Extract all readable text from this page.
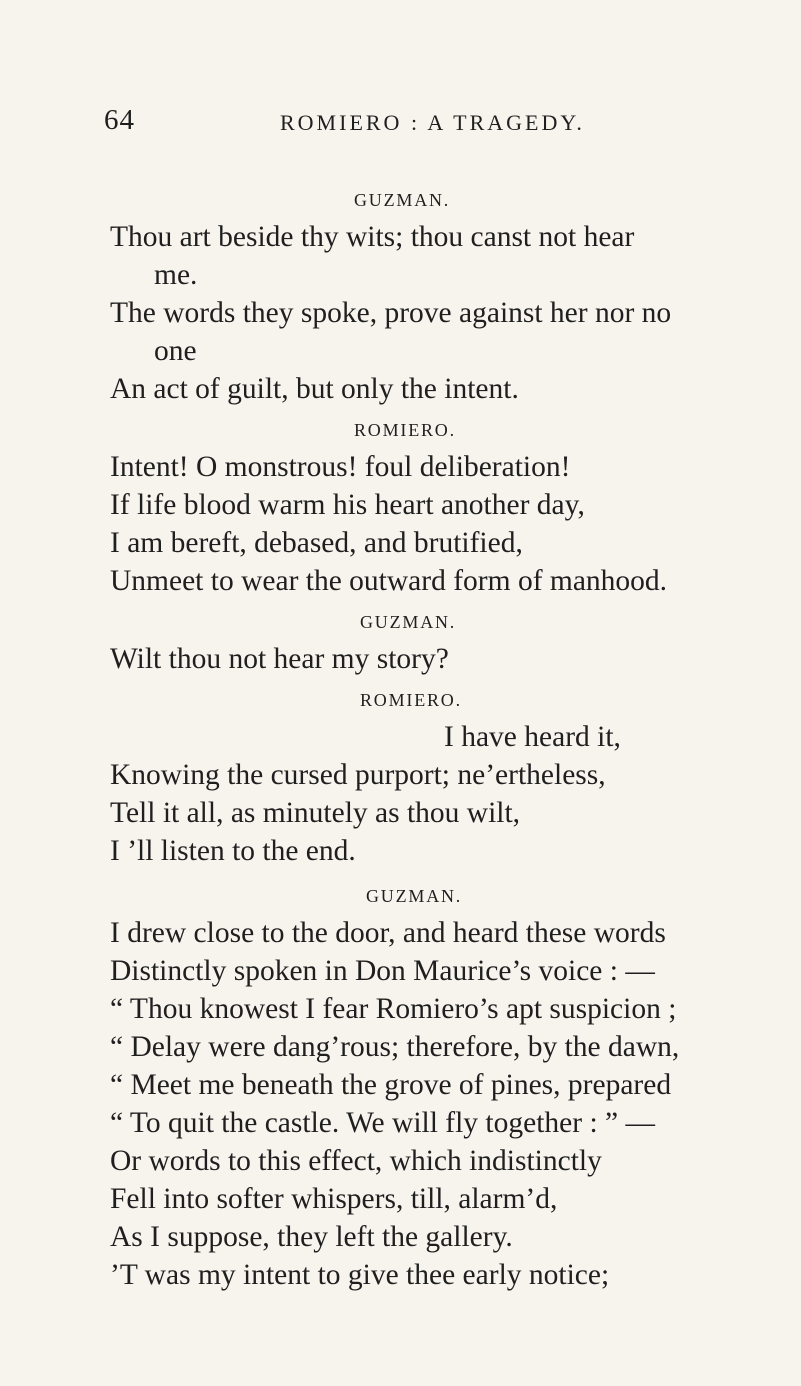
64	ROMIERO : A TRAGEDY.
GUZMAN.
Thou art beside thy wits; thou canst not hear
me.
The words they spoke, prove against her nor no
one
An act of guilt, but only the intent.
ROMIERO.
Intent! O monstrous! foul deliberation!
If life blood warm his heart another day,
I am bereft, debased, and brutified,
Unmeet to wear the outward form of manhood.
GUZMAN.
Wilt thou not hear my story?
ROMIERO.
I have heard it,
Knowing the cursed purport; ne’ertheless,
Tell it all, as minutely as thou wilt,
I ’ll listen to the end.
GUZMAN.
I drew close to the door, and heard these words
Distinctly spoken in Don Maurice’s voice : —
“ Thou knowest I fear Romiero’s apt suspicion ;
“ Delay were dang’rous; therefore, by the dawn,
“ Meet me beneath the grove of pines, prepared
“ To quit the castle. We will fly together : ” —
Or words to this effect, which indistinctly
Fell into softer whispers, till, alarm’d,
As I suppose, they left the gallery.
’T was my intent to give thee early notice;
